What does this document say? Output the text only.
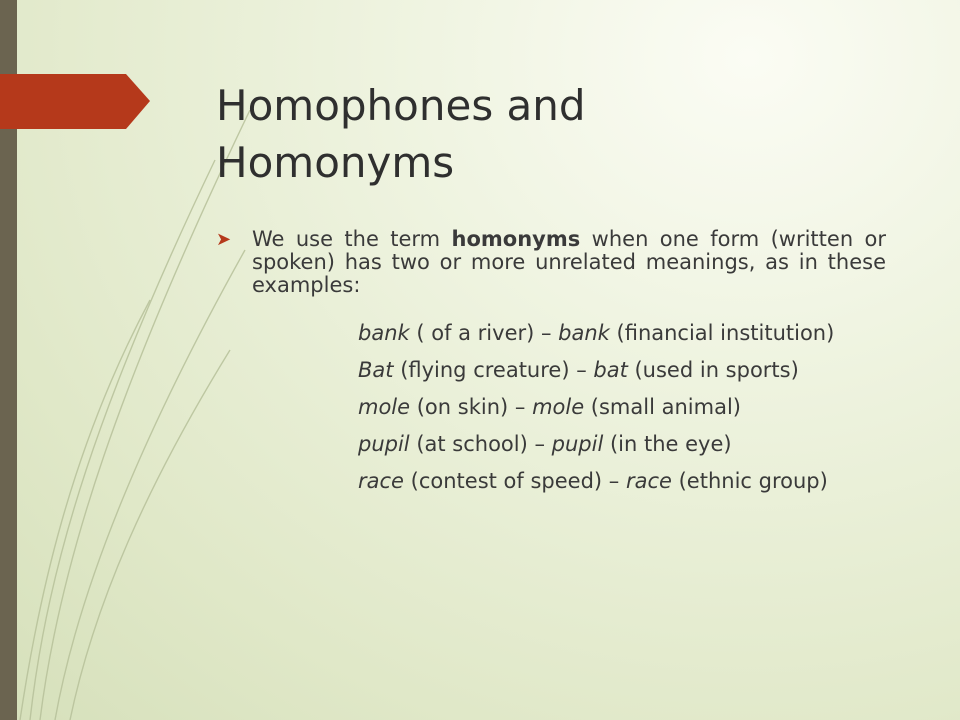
Homophones and Homonyms
➤ We use the term homonyms when one form (written or spoken) has two or more unrelated meanings, as in these examples:
bank ( of a river) – bank (financial institution)
Bat (flying creature) – bat (used in sports)
mole (on skin) – mole (small animal)
pupil (at school) – pupil (in the eye)
race (contest of speed) – race (ethnic group)
